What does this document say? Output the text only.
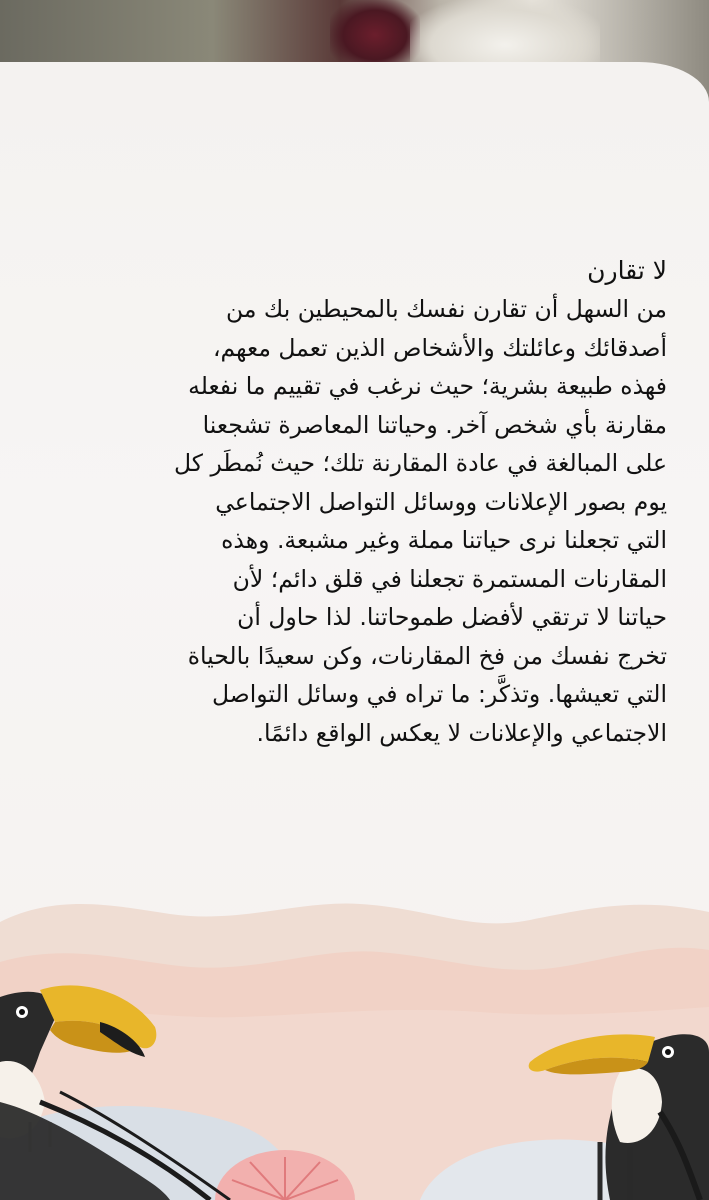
لا تقارن
من السهل أن تقارن نفسك بالمحيطين بك من
أصدقائك وعائلتك والأشخاص الذين تعمل معهم،
فهذه طبيعة بشرية؛ حيث نرغب في تقييم ما نفعله
مقارنة بأي شخص آخر. وحياتنا المعاصرة تشجعنا
على المبالغة في عادة المقارنة تلك؛ حيث نُمطَر كل
يوم بصور الإعلانات ووسائل التواصل الاجتماعي
التي تجعلنا نرى حياتنا مملة وغير مشبعة. وهذه
المقارنات المستمرة تجعلنا في قلق دائم؛ لأن
حياتنا لا ترتقي لأفضل طموحاتنا. لذا حاول أن
تخرج نفسك من فخ المقارنات، وكن سعيدًا بالحياة
التي تعيشها. وتذكَّر: ما تراه في وسائل التواصل
الاجتماعي والإعلانات لا يعكس الواقع دائمًا.
